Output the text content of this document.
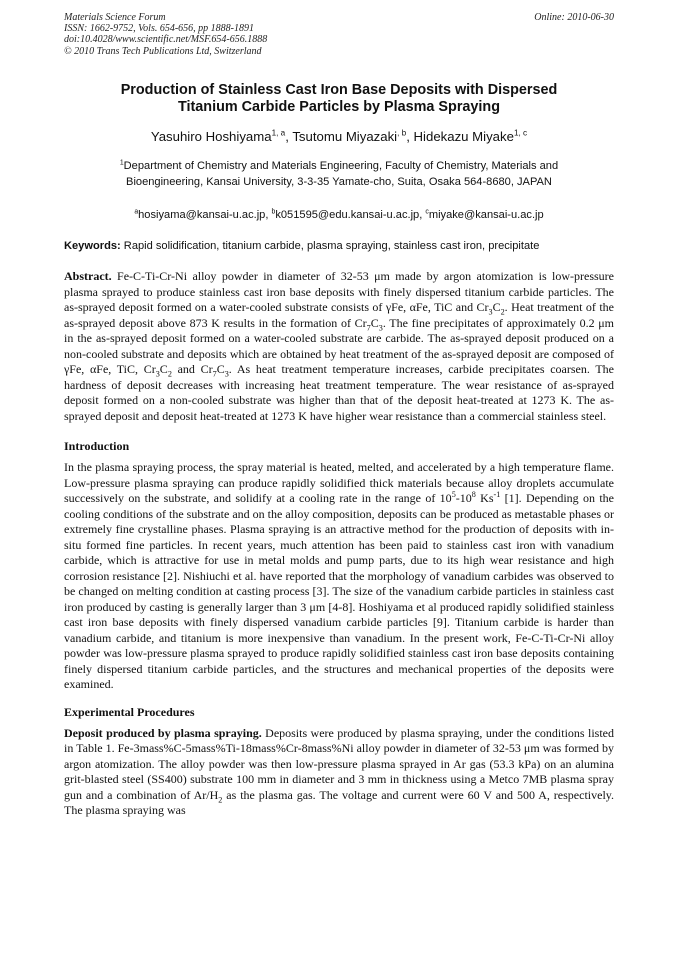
Materials Science Forum
ISSN: 1662-9752, Vols. 654-656, pp 1888-1891
doi:10.4028/www.scientific.net/MSF.654-656.1888
© 2010 Trans Tech Publications Ltd, Switzerland
Online: 2010-06-30
Production of Stainless Cast Iron Base Deposits with Dispersed
Titanium Carbide Particles by Plasma Spraying
Yasuhiro Hoshiyama$^{1, a}$, Tsutomu Miyazaki$^{, b}$, Hidekazu Miyake$^{1, c}$
$^1$Department of Chemistry and Materials Engineering, Faculty of Chemistry, Materials and
Bioengineering, Kansai University, 3-3-35 Yamate-cho, Suita, Osaka 564-8680, JAPAN
$^a$hosiyama@kansai-u.ac.jp, $^b$k051595@edu.kansai-u.ac.jp, $^c$miyake@kansai-u.ac.jp
Keywords: Rapid solidification, titanium carbide, plasma spraying, stainless cast iron, precipitate
Abstract. Fe-C-Ti-Cr-Ni alloy powder in diameter of 32-53 μm made by argon atomization is low-pressure plasma sprayed to produce stainless cast iron base deposits with finely dispersed titanium carbide particles. The as-sprayed deposit formed on a water-cooled substrate consists of γFe, αFe, TiC and $Cr_3C_2$. Heat treatment of the as-sprayed deposit above 873 K results in the formation of $Cr_7C_3$. The fine precipitates of approximately 0.2 μm in the as-sprayed deposit formed on a water-cooled substrate are carbide. The as-sprayed deposit produced on a non-cooled substrate and deposits which are obtained by heat treatment of the as-sprayed deposit are composed of γFe, αFe, TiC, $Cr_3C_2$ and $Cr_7C_3$. As heat treatment temperature increases, carbide precipitates coarsen. The hardness of deposit decreases with increasing heat treatment temperature. The wear resistance of as-sprayed deposit formed on a non-cooled substrate was higher than that of the deposit heat-treated at 1273 K. The as-sprayed deposit and deposit heat-treated at 1273 K have higher wear resistance than a commercial stainless steel.
Introduction
In the plasma spraying process, the spray material is heated, melted, and accelerated by a high temperature flame. Low-pressure plasma spraying can produce rapidly solidified thick materials because alloy droplets accumulate successively on the substrate, and solidify at a cooling rate in the range of $10^5-10^8$ $Ks^{-1}$ [1]. Depending on the cooling conditions of the substrate and on the alloy composition, deposits can be produced as metastable phases or extremely fine crystalline phases. Plasma spraying is an attractive method for the production of deposits with in-situ formed fine particles. In recent years, much attention has been paid to stainless cast iron with vanadium carbide, which is attractive for use in metal molds and pump parts, due to its high wear resistance and high corrosion resistance [2]. Nishiuchi et al. have reported that the morphology of vanadium carbides was observed to be changed on melting condition at casting process [3]. The size of the vanadium carbide particles in stainless cast iron produced by casting is generally larger than 3 μm [4-8]. Hoshiyama et al produced rapidly solidified stainless cast iron base deposits with finely dispersed vanadium carbide particles [9]. Titanium carbide is harder than vanadium carbide, and titanium is more inexpensive than vanadium. In the present work, Fe-C-Ti-Cr-Ni alloy powder was low-pressure plasma sprayed to produce rapidly solidified stainless cast iron base deposits containing finely dispersed titanium carbide particles, and the structures and mechanical properties of the deposits were examined.
Experimental Procedures
Deposit produced by plasma spraying. Deposits were produced by plasma spraying, under the conditions listed in Table 1. Fe-3mass%C-5mass%Ti-18mass%Cr-8mass%Ni alloy powder in diameter of 32-53 μm was formed by argon atomization. The alloy powder was then low-pressure plasma sprayed in Ar gas (53.3 kPa) on an alumina grit-blasted steel (SS400) substrate 100 mm in diameter and 3 mm in thickness using a Metco 7MB plasma spray gun and a combination of $Ar/H_2$ as the plasma gas. The voltage and current were 60 V and 500 A, respectively. The plasma spraying was
